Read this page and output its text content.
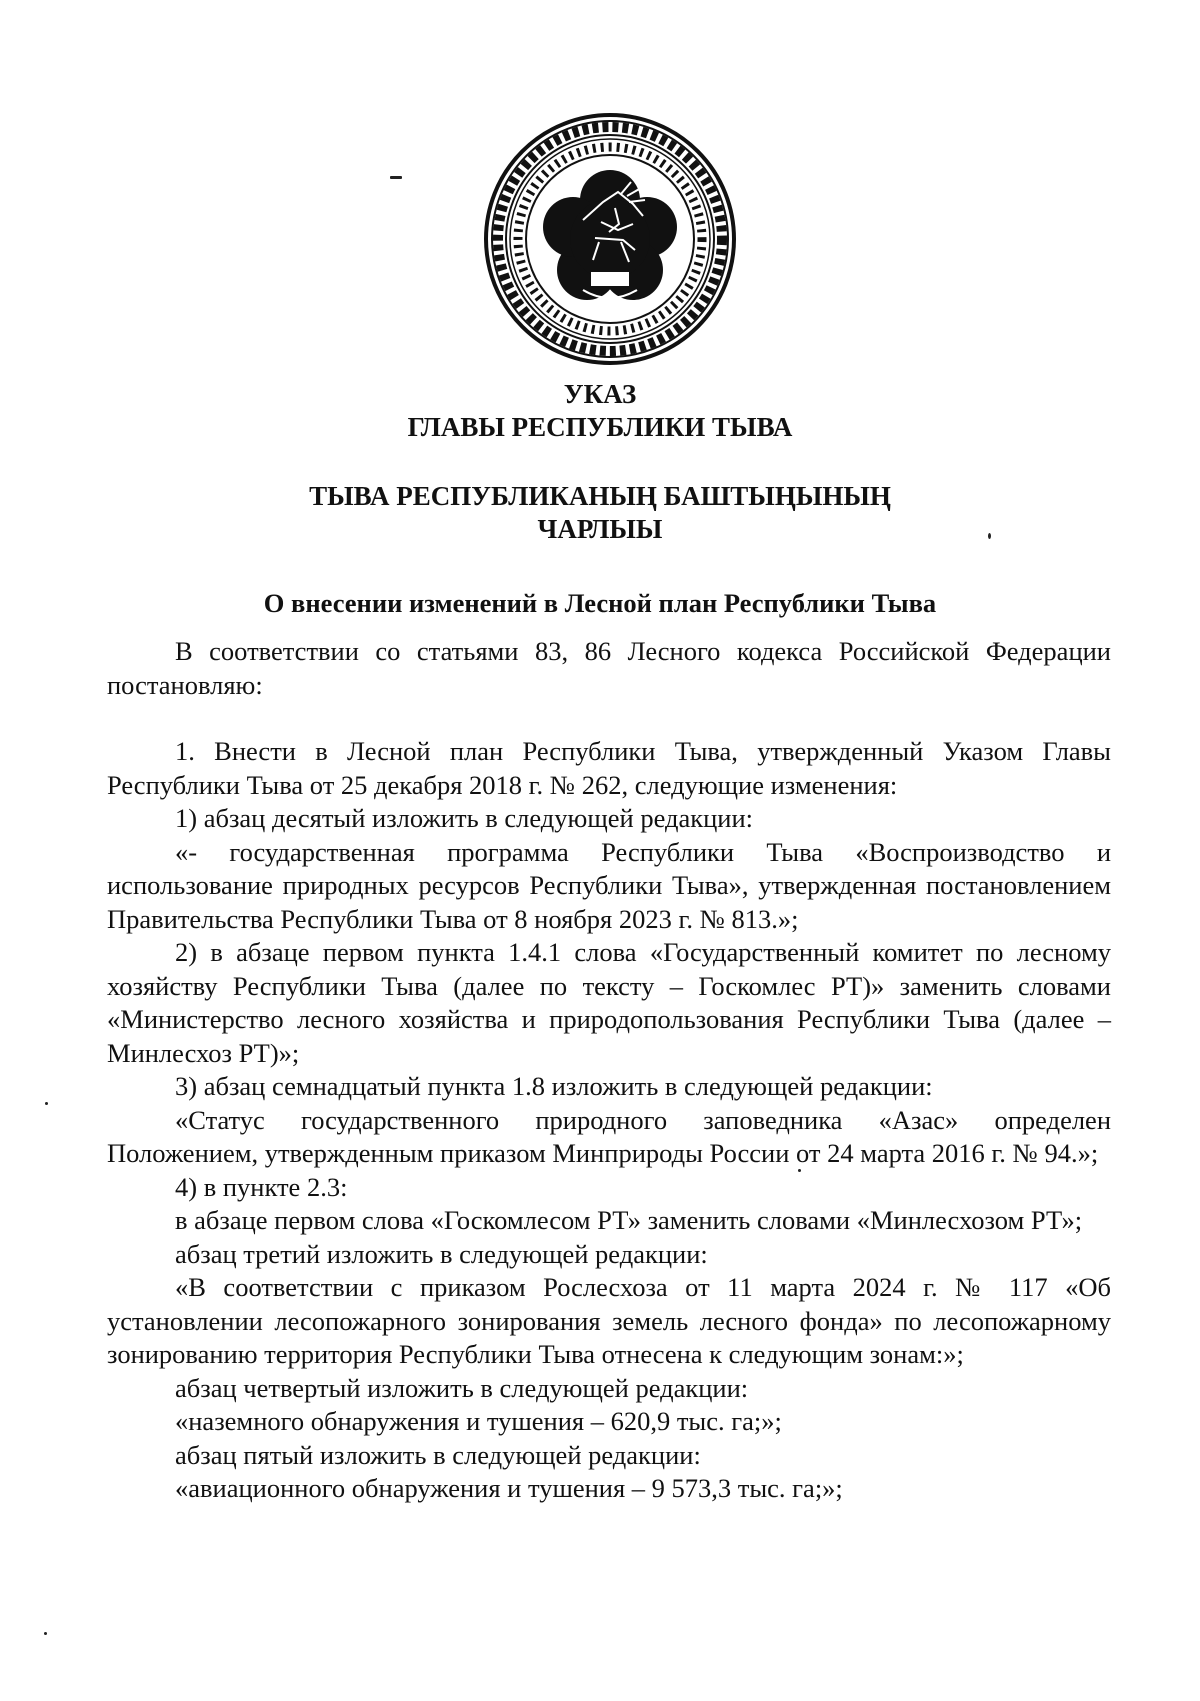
УКАЗ
ГЛАВЫ РЕСПУБЛИКИ ТЫВА
ТЫВА РЕСПУБЛИКАНЫҢ БАШТЫҢЫНЫҢ
ЧАРЛЫЫ
О внесении изменений в Лесной план Республики Тыва

В соответствии со статьями 83, 86 Лесного кодекса Российской Федерации постановляю:

1. Внести в Лесной план Республики Тыва, утвержденный Указом Главы Республики Тыва от 25 декабря 2018 г. № 262, следующие изменения:

1) абзац десятый изложить в следующей редакции:

«- государственная программа Республики Тыва «Воспроизводство и использование природных ресурсов Республики Тыва», утвержденная постановлением Правительства Республики Тыва от 8 ноября 2023 г. № 813.»;

2) в абзаце первом пункта 1.4.1 слова «Государственный комитет по лесному хозяйству Республики Тыва (далее по тексту – Госкомлес РТ)» заменить словами «Министерство лесного хозяйства и природопользования Республики Тыва (далее – Минлесхоз РТ)»;

3) абзац семнадцатый пункта 1.8 изложить в следующей редакции:

«Статус государственного природного заповедника «Азас» определен Положением, утвержденным приказом Минприроды России от 24 марта 2016 г. № 94.»;

4) в пункте 2.3:

в абзаце первом слова «Госкомлесом РТ» заменить словами «Минлесхозом РТ»;

абзац третий изложить в следующей редакции:

«В соответствии с приказом Рослесхоза от 11 марта 2024 г. № 117 «Об установлении лесопожарного зонирования земель лесного фонда» по лесопожарному зонированию территория Республики Тыва отнесена к следующим зонам:»;

абзац четвертый изложить в следующей редакции:

«наземного обнаружения и тушения – 620,9 тыс. га;»;

абзац пятый изложить в следующей редакции:

«авиационного обнаружения и тушения – 9 573,3 тыс. га;»;
